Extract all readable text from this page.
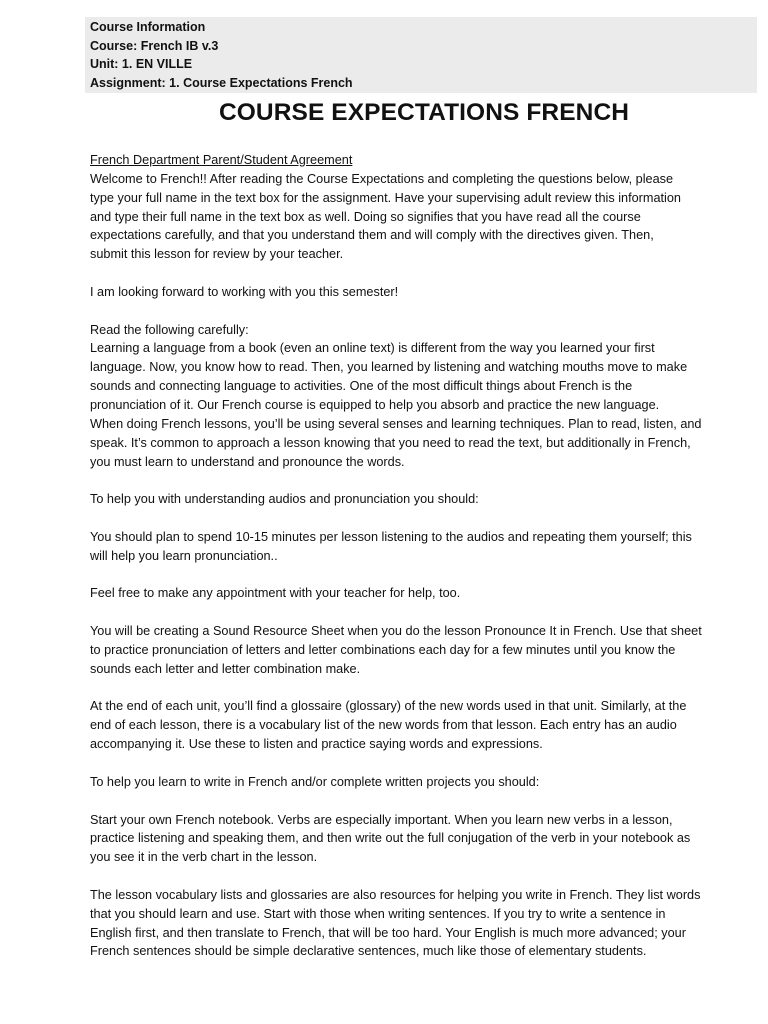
Course Information
Course: French IB v.3
Unit: 1. EN VILLE
Assignment: 1. Course Expectations French
COURSE EXPECTATIONS FRENCH
French Department Parent/Student Agreement
Welcome to French!! After reading the Course Expectations and completing the questions below, please
type your full name in the text box for the assignment. Have your supervising adult review this information
and type their full name in the text box as well. Doing so signifies that you have read all the course
expectations carefully, and that you understand them and will comply with the directives given. Then,
submit this lesson for review by your teacher.
I am looking forward to working with you this semester!
Read the following carefully:
Learning a language from a book (even an online text) is different from the way you learned your first
language. Now, you know how to read. Then, you learned by listening and watching mouths move to make
sounds and connecting language to activities. One of the most difficult things about French is the
pronunciation of it. Our French course is equipped to help you absorb and practice the new language.
When doing French lessons, you’ll be using several senses and learning techniques. Plan to read, listen, and
speak. It’s common to approach a lesson knowing that you need to read the text, but additionally in French,
you must learn to understand and pronounce the words.
To help you with understanding audios and pronunciation you should:
You should plan to spend 10-15 minutes per lesson listening to the audios and repeating them yourself; this
will help you learn pronunciation..
Feel free to make any appointment with your teacher for help, too.
You will be creating a Sound Resource Sheet when you do the lesson Pronounce It in French. Use that sheet
to practice pronunciation of letters and letter combinations each day for a few minutes until you know the
sounds each letter and letter combination make.
At the end of each unit, you’ll find a glossaire (glossary) of the new words used in that unit. Similarly, at the
end of each lesson, there is a vocabulary list of the new words from that lesson. Each entry has an audio
accompanying it. Use these to listen and practice saying words and expressions.
To help you learn to write in French and/or complete written projects you should:
Start your own French notebook. Verbs are especially important. When you learn new verbs in a lesson,
practice listening and speaking them, and then write out the full conjugation of the verb in your notebook as
you see it in the verb chart in the lesson.
The lesson vocabulary lists and glossaries are also resources for helping you write in French. They list words
that you should learn and use. Start with those when writing sentences. If you try to write a sentence in
English first, and then translate to French, that will be too hard. Your English is much more advanced; your
French sentences should be simple declarative sentences, much like those of elementary students.
